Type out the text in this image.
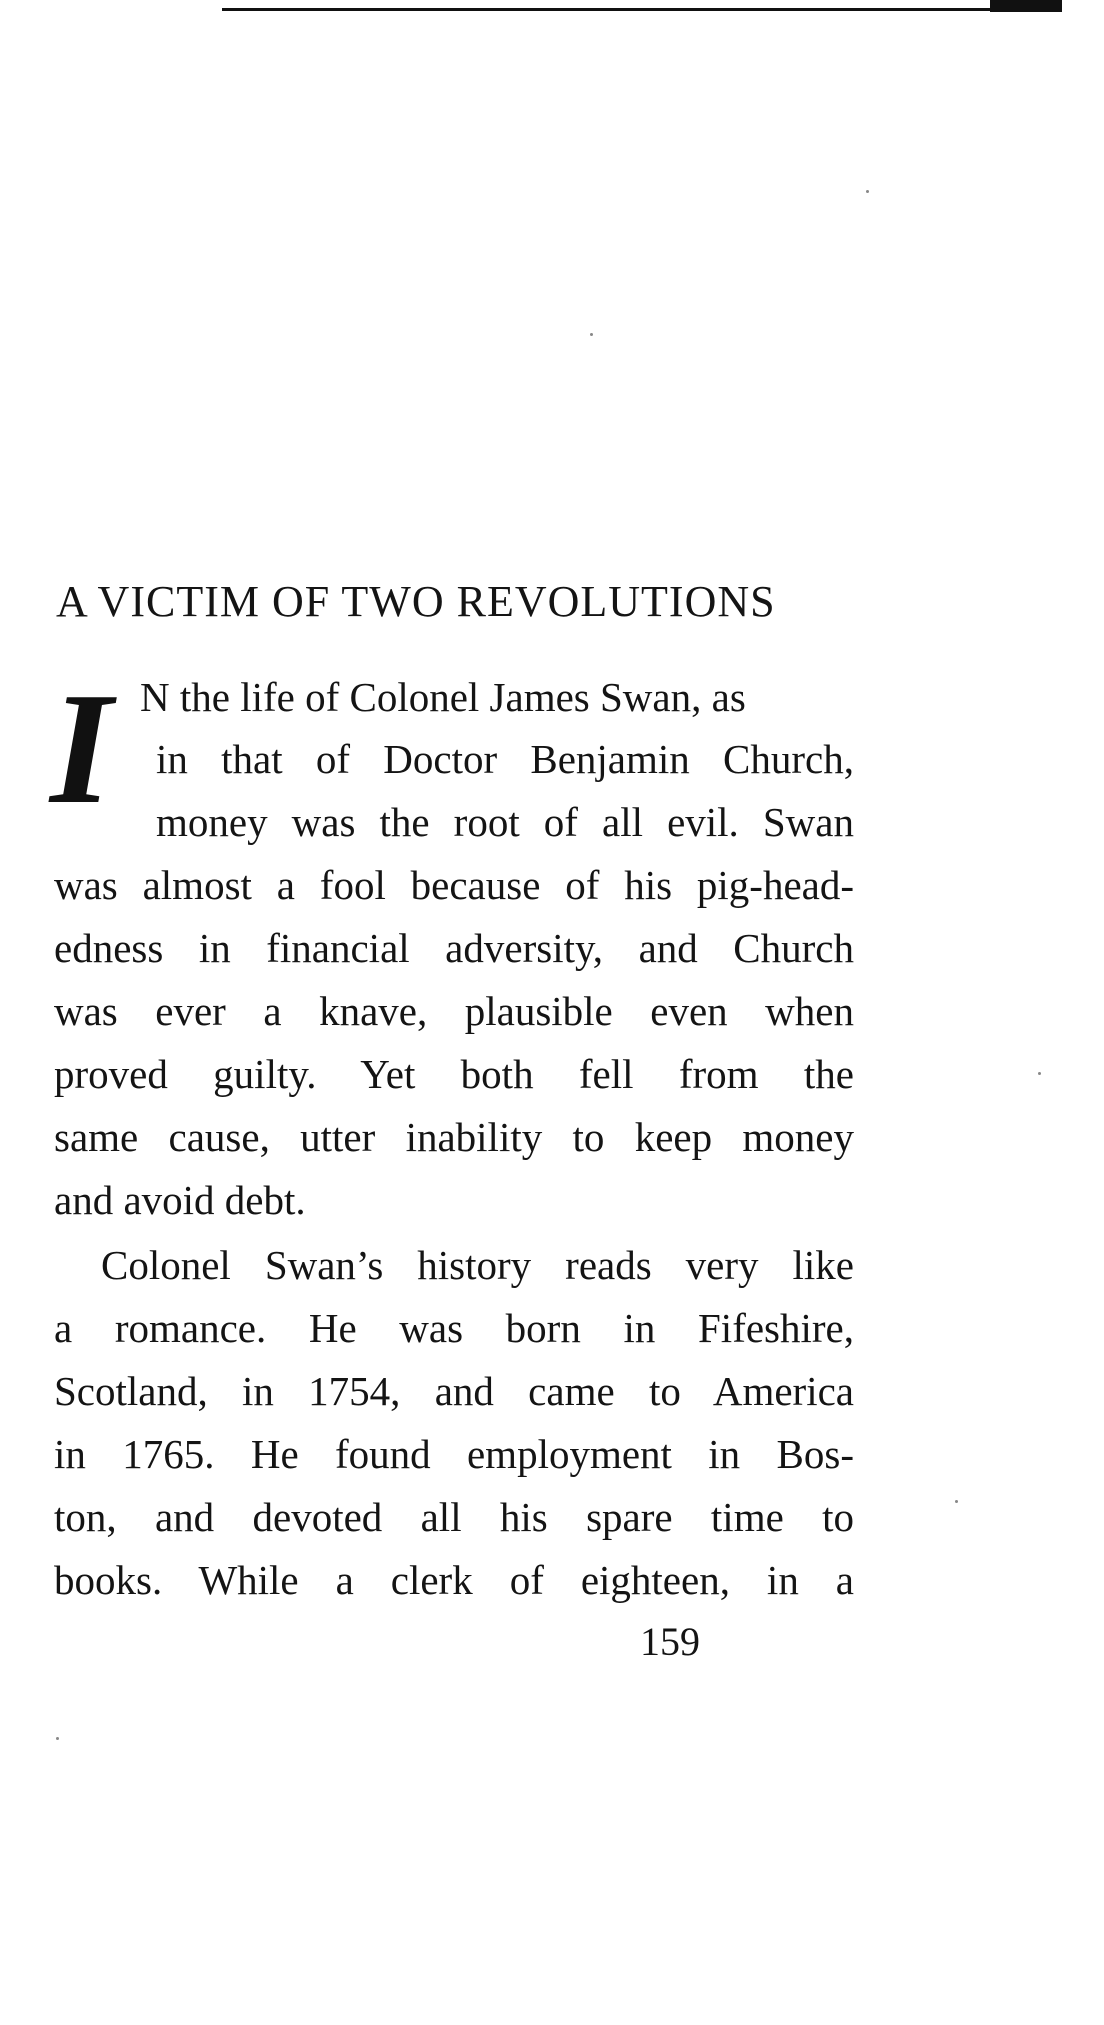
A VICTIM OF TWO REVOLUTIONS
I N the life of Colonel James Swan, as

in that of Doctor Benjamin Church,

money was the root of all evil. Swan

was almost a fool because of his pig-head-

edness in financial adversity, and Church

was ever a knave, plausible even when

proved guilty. Yet both fell from the

same cause, utter inability to keep money

and avoid debt.

Colonel Swan’s history reads very like

a romance. He was born in Fifeshire,

Scotland, in 1754, and came to America

in 1765. He found employment in Bos-

ton, and devoted all his spare time to

books. While a clerk of eighteen, in a

159
